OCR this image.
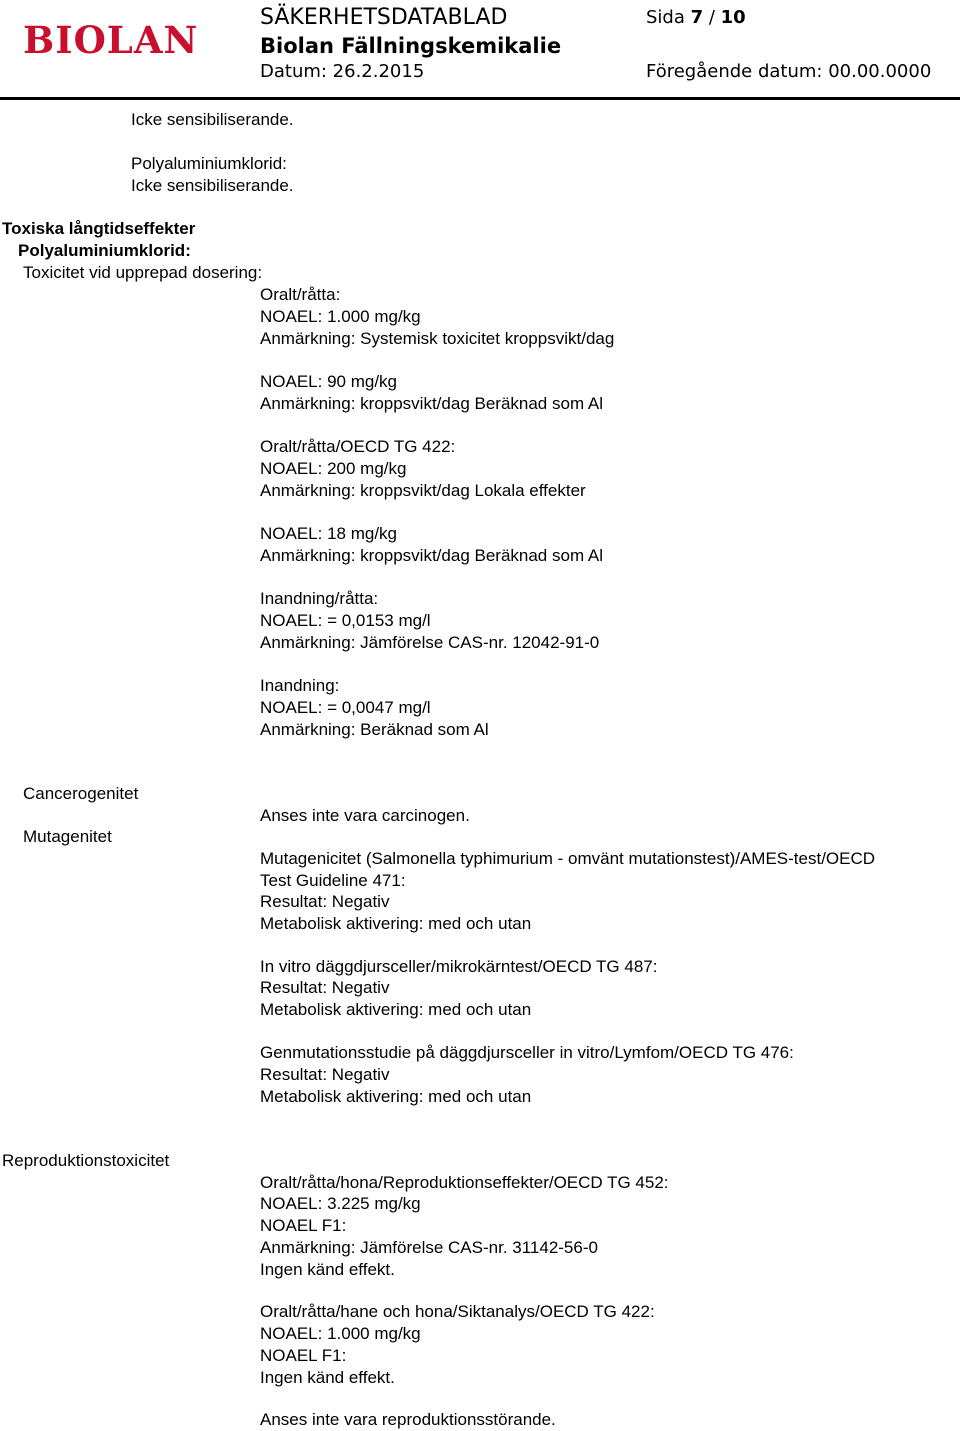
BIOLAN
SÄKERHETSDATABLAD
Biolan Fällningskemikalie
Datum: 26.2.2015
Sida 7 / 10
Föregående datum: 00.00.0000
Icke sensibiliserande.
Polyaluminiumklorid:
Icke sensibiliserande.
Toxiska långtidseffekter
Polyaluminiumklorid:
Toxicitet vid upprepad dosering:
Oralt/råtta:
NOAEL: 1.000 mg/kg
Anmärkning: Systemisk toxicitet kroppsvikt/dag
NOAEL: 90 mg/kg
Anmärkning: kroppsvikt/dag Beräknad som Al
Oralt/råtta/OECD TG 422:
NOAEL: 200 mg/kg
Anmärkning: kroppsvikt/dag Lokala effekter
NOAEL: 18 mg/kg
Anmärkning: kroppsvikt/dag Beräknad som Al
Inandning/råtta:
NOAEL: = 0,0153 mg/l
Anmärkning: Jämförelse CAS-nr. 12042-91-0
Inandning:
NOAEL: = 0,0047 mg/l
Anmärkning: Beräknad som Al
Cancerogenitet
Mutagenitet
Anses inte vara carcinogen.
Mutagenicitet (Salmonella typhimurium - omvänt mutationstest)/AMES-test/OECD
Test Guideline 471:
Resultat: Negativ
Metabolisk aktivering: med och utan
In vitro däggdjursceller/mikrokärntest/OECD TG 487:
Resultat: Negativ
Metabolisk aktivering: med och utan
Genmutationsstudie på däggdjursceller in vitro/Lymfom/OECD TG 476:
Resultat: Negativ
Metabolisk aktivering: med och utan
Reproduktionstoxicitet
Oralt/råtta/hona/Reproduktionseffekter/OECD TG 452:
NOAEL: 3.225 mg/kg
NOAEL F1:
Anmärkning: Jämförelse CAS-nr. 31142-56-0
Ingen känd effekt.
Oralt/råtta/hane och hona/Siktanalys/OECD TG 422:
NOAEL: 1.000 mg/kg
NOAEL F1:
Ingen känd effekt.
Anses inte vara reproduktionsstörande.
